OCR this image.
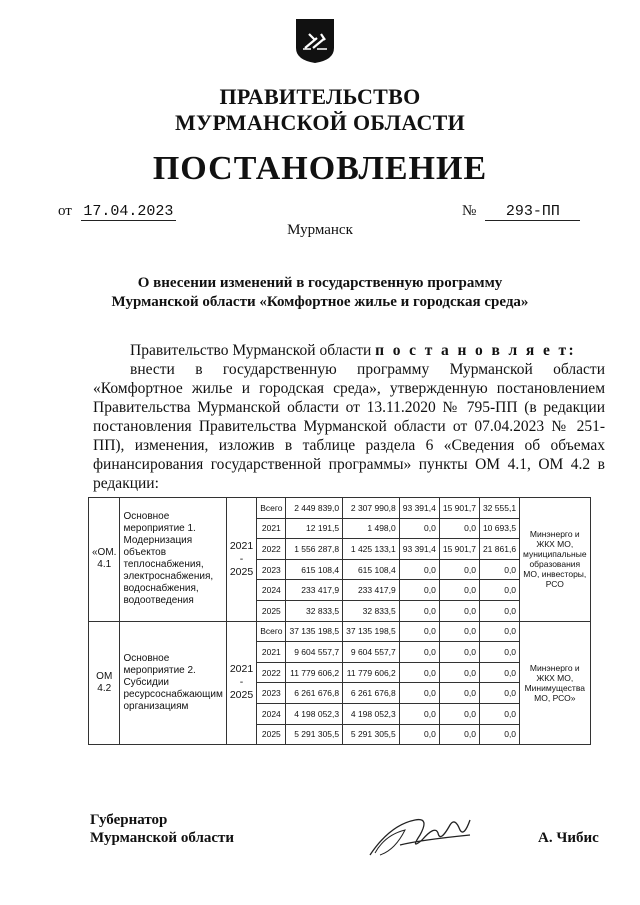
ПРАВИТЕЛЬСТВО
МУРМАНСКОЙ ОБЛАСТИ
ПОСТАНОВЛЕНИЕ
от 17.04.2023	№ 293-ПП
Мурманск
О внесении изменений в государственную программу
Мурманской области «Комфортное жилье и городская среда»
Правительство Мурманской области п о с т а н о в л я е т:
внести в государственную программу Мурманской области «Комфортное жилье и городская среда», утвержденную постановлением Правительства Мурманской области от 13.11.2020 № 795-ПП (в редакции постановления Правительства Мурманской области от 07.04.2023 № 251-ПП), изменения, изложив в таблице раздела 6 «Сведения об объемах финансирования государственной программы» пункты ОМ 4.1, ОМ 4.2 в редакции:
«ОМ. 4.1	Основное мероприятие 1. Модернизация объектов теплоснабжения, электроснабжения, водоснабжения, водоотведения	2021 - 2025	Всего	2 449 839,0	2 307 990,8	93 391,4	15 901,7	32 555,1	Минэнерго и ЖКХ МО, муниципальные образования МО, инвесторы, РСО
			2021	12 191,5	1 498,0	0,0	0,0	10 693,5	
			2022	1 556 287,8	1 425 133,1	93 391,4	15 901,7	21 861,6	
			2023	615 108,4	615 108,4	0,0	0,0	0,0	
			2024	233 417,9	233 417,9	0,0	0,0	0,0	
			2025	32 833,5	32 833,5	0,0	0,0	0,0	
ОМ 4.2	Основное мероприятие 2. Субсидии ресурсоснабжающим организациям	2021 - 2025	Всего	37 135 198,5	37 135 198,5	0,0	0,0	0,0	Минэнерго и ЖКХ МО, Минимущества МО, РСО»
			2021	9 604 557,7	9 604 557,7	0,0	0,0	0,0	
			2022	11 779 606,2	11 779 606,2	0,0	0,0	0,0	
			2023	6 261 676,8	6 261 676,8	0,0	0,0	0,0	
			2024	4 198 052,3	4 198 052,3	0,0	0,0	0,0	
			2025	5 291 305,5	5 291 305,5	0,0	0,0	0,0	
Губернатор
Мурманской области	А. Чибис
